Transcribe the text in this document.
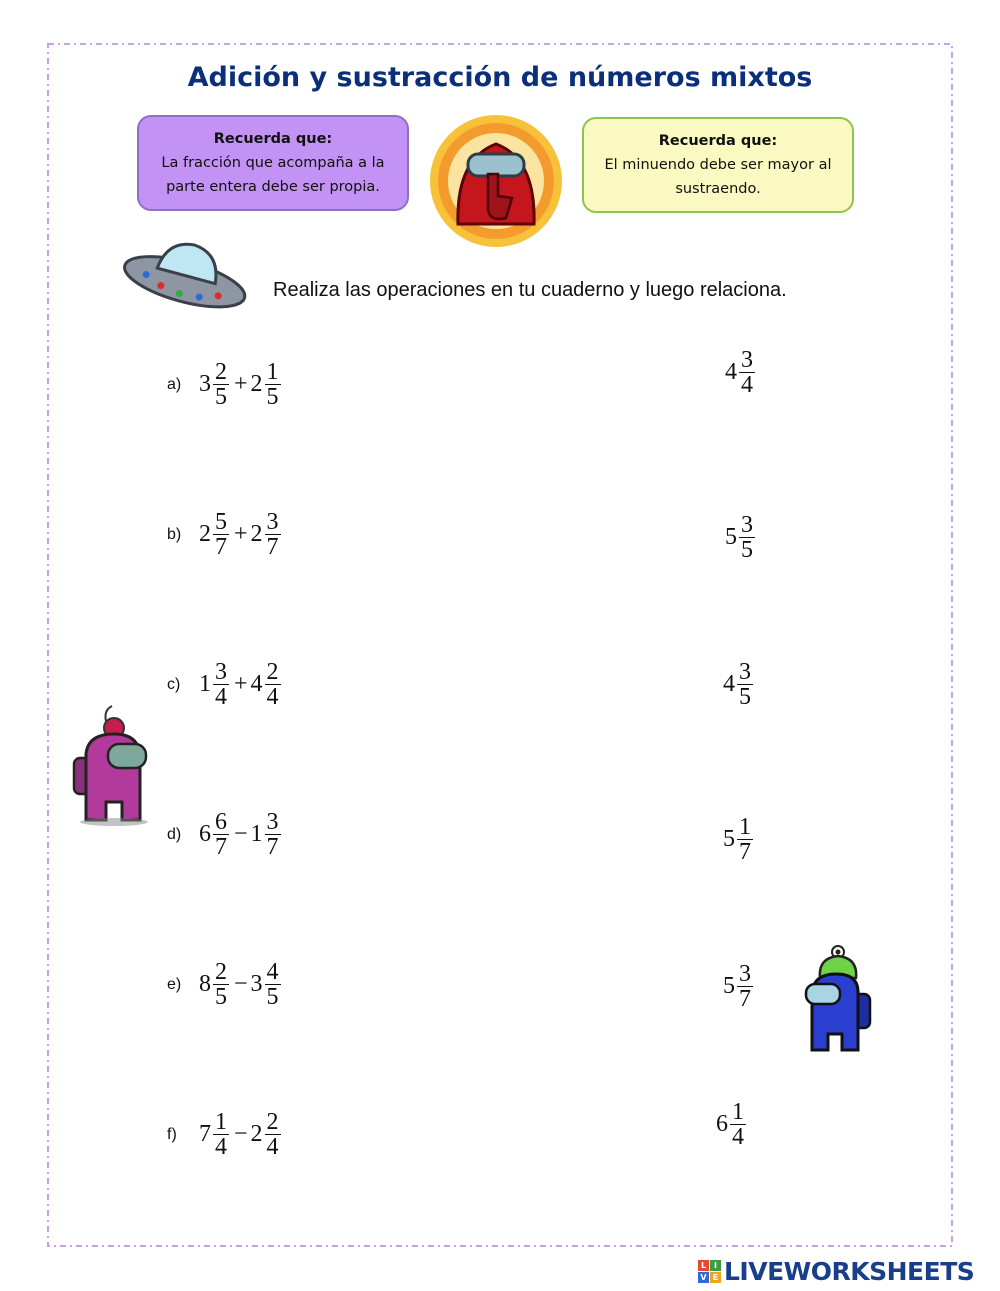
Adición y sustracción de números mixtos
Recuerda que:
La fracción que acompaña a la
parte entera debe ser propia.
Recuerda que:
El minuendo debe ser mayor al
sustraendo.
Realiza las operaciones en tu cuaderno y luego relaciona.
a) $3 \frac{2}{5} + 2 \frac{1}{5}$
b) $2 \frac{5}{7} + 2 \frac{3}{7}$
c) $1 \frac{3}{4} + 4 \frac{2}{4}$
d) $6 \frac{6}{7} - 1 \frac{3}{7}$
e) $8 \frac{2}{5} - 3 \frac{4}{5}$
f) $7 \frac{1}{4} - 2 \frac{2}{4}$
$4 \frac{3}{4}$
$5 \frac{3}{5}$
$4 \frac{3}{5}$
$5 \frac{1}{7}$
$5 \frac{3}{7}$
$6 \frac{1}{4}$
L I
V E LIVEWORKSHEETS
